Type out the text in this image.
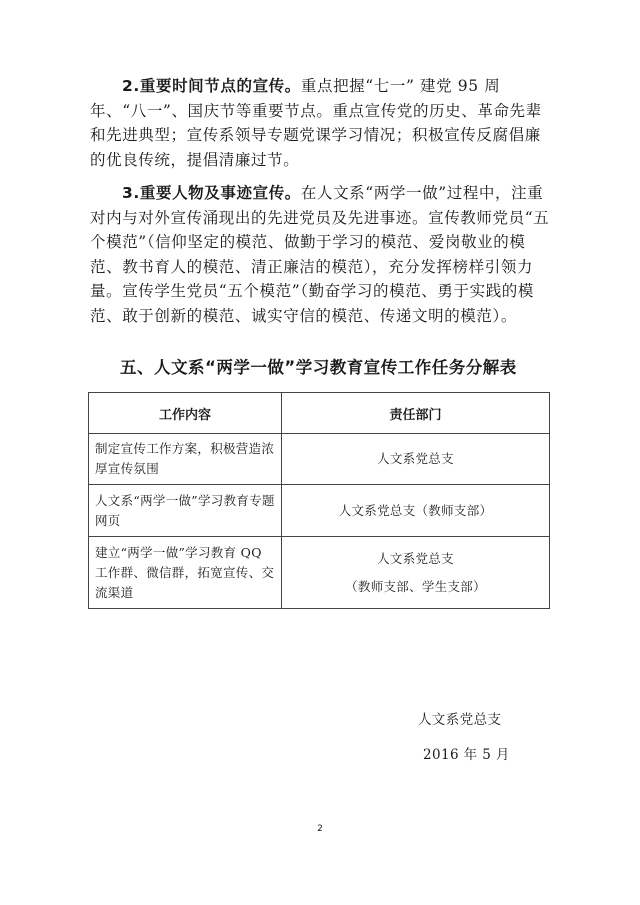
2.重要时间节点的宣传。重点把握“七一” 建党 95 周年、“八一”、国庆节等重要节点。重点宣传党的历史、革命先辈和先进典型；宣传系领导专题党课学习情况；积极宣传反腐倡廉的优良传统，提倡清廉过节。

3.重要人物及事迹宣传。在人文系“两学一做”过程中，注重对内与对外宣传涌现出的先进党员及先进事迹。宣传教师党员“五个模范”（信仰坚定的模范、做勤于学习的模范、爱岗敬业的模范、教书育人的模范、清正廉洁的模范），充分发挥榜样引领力量。宣传学生党员“五个模范”（勤奋学习的模范、勇于实践的模范、敢于创新的模范、诚实守信的模范、传递文明的模范）。

五、人文系“两学一做”学习教育宣传工作任务分解表
工作内容	责任部门
制定宣传工作方案，积极营造浓厚宣传氛围	人文系党总支
人文系“两学一做”学习教育专题网页	人文系党总支（教师支部）
建立“两学一做”学习教育 QQ 工作群、微信群，拓宽宣传、交流渠道	人文系党总支
（教师支部、学生支部）

人文系党总支

2016 年 5 月

2
